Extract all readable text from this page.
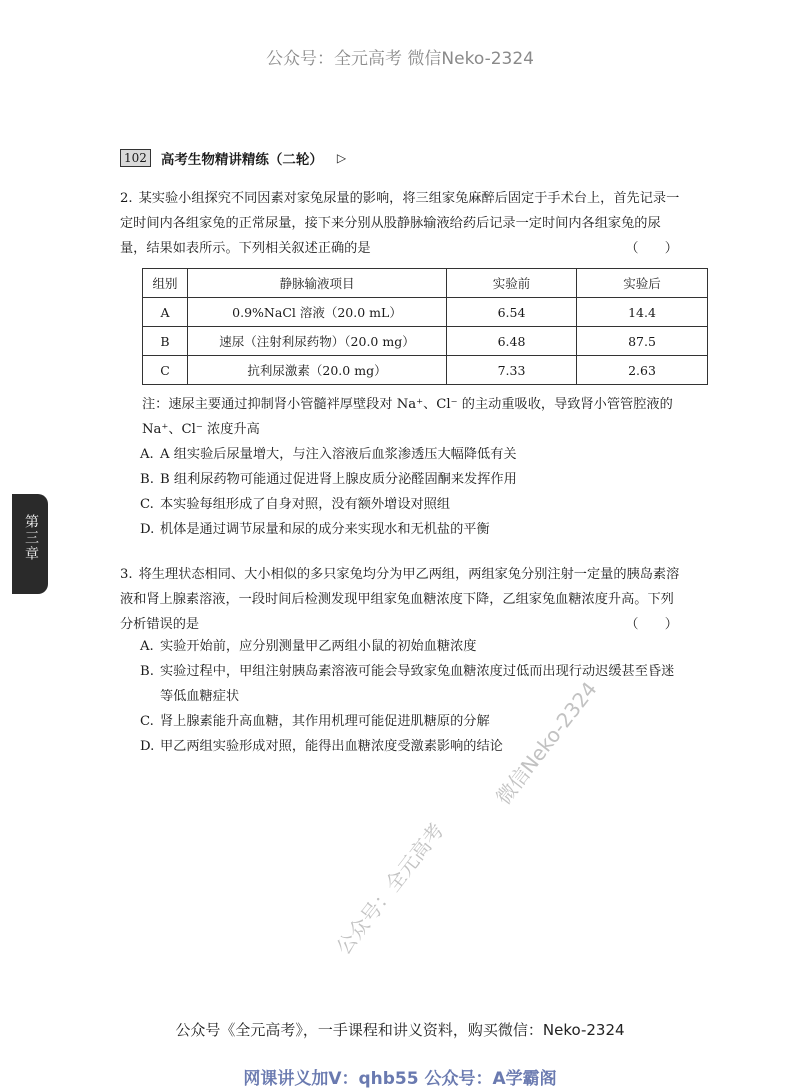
公众号：全元高考 微信Neko-2324
102 高考生物精讲精练（二轮） ▷
第三章
2. 某实验小组探究不同因素对家兔尿量的影响，将三组家兔麻醉后固定于手术台上，首先记录一定时间内各组家兔的正常尿量，接下来分别从股静脉输液给药后记录一定时间内各组家兔的尿量，结果如表所示。下列相关叙述正确的是	（　　）
组别	静脉输液项目	实验前	实验后
A	0.9%NaCl 溶液（20.0 mL）	6.54	14.4
B	速尿（注射利尿药物）（20.0 mg）	6.48	87.5
C	抗利尿激素（20.0 mg）	7.33	2.63
注：速尿主要通过抑制肾小管髓袢厚壁段对 Na⁺、Cl⁻ 的主动重吸收，导致肾小管管腔液的 Na⁺、Cl⁻ 浓度升高
A. A 组实验后尿量增大，与注入溶液后血浆渗透压大幅降低有关
B. B 组利尿药物可能通过促进肾上腺皮质分泌醛固酮来发挥作用
C. 本实验每组形成了自身对照，没有额外增设对照组
D. 机体是通过调节尿量和尿的成分来实现水和无机盐的平衡
3. 将生理状态相同、大小相似的多只家兔均分为甲乙两组，两组家兔分别注射一定量的胰岛素溶液和肾上腺素溶液，一段时间后检测发现甲组家兔血糖浓度下降，乙组家兔血糖浓度升高。下列分析错误的是	（　　）
A. 实验开始前，应分别测量甲乙两组小鼠的初始血糖浓度
B. 实验过程中，甲组注射胰岛素溶液可能会导致家兔血糖浓度过低而出现行动迟缓甚至昏迷等低血糖症状
C. 肾上腺素能升高血糖，其作用机理可能促进肌糖原的分解
D. 甲乙两组实验形成对照，能得出血糖浓度受激素影响的结论
公众号：全元高考
微信Neko-2324
公众号《全元高考》，一手课程和讲义资料，购买微信：Neko-2324
网课讲义加V：qhb55 公众号：A学霸阁
